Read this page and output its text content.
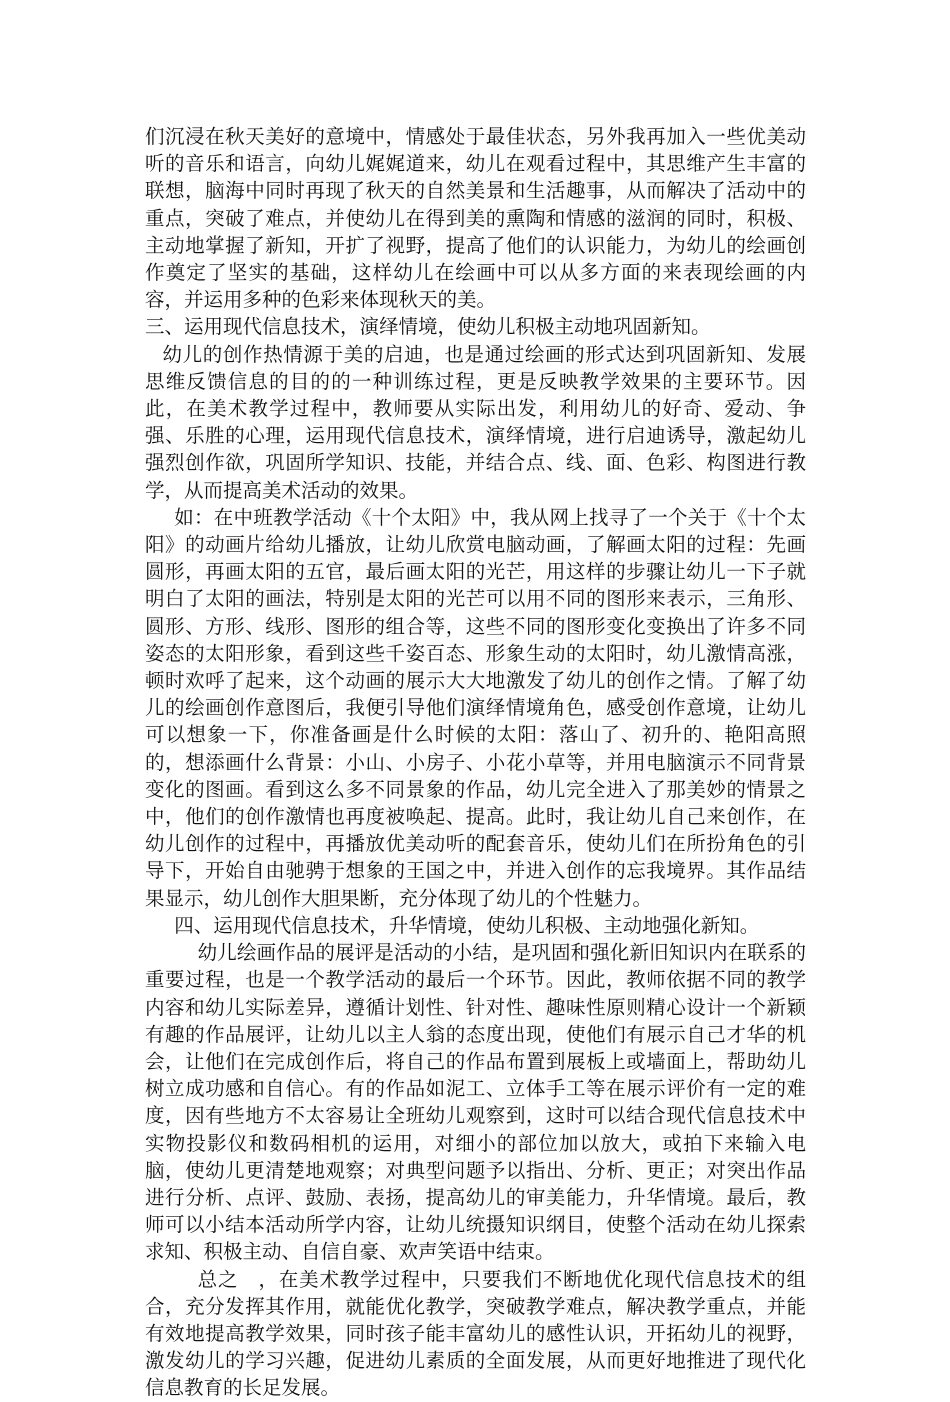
们沉浸在秋天美好的意境中，情感处于最佳状态，另外我再加入一些优美动听的音乐和语言，向幼儿娓娓道来，幼儿在观看过程中，其思维产生丰富的联想，脑海中同时再现了秋天的自然美景和生活趣事，从而解决了活动中的重点，突破了难点，并使幼儿在得到美的熏陶和情感的滋润的同时，积极、主动地掌握了新知，开扩了视野，提高了他们的认识能力，为幼儿的绘画创作奠定了坚实的基础，这样幼儿在绘画中可以从多方面的来表现绘画的内容，并运用多种的色彩来体现秋天的美。

三、运用现代信息技术，演绎情境，使幼儿积极主动地巩固新知。

幼儿的创作热情源于美的启迪，也是通过绘画的形式达到巩固新知、发展思维反馈信息的目的的一种训练过程，更是反映教学效果的主要环节。因此，在美术教学过程中，教师要从实际出发，利用幼儿的好奇、爱动、争强、乐胜的心理，运用现代信息技术，演绎情境，进行启迪诱导，激起幼儿强烈创作欲，巩固所学知识、技能，并结合点、线、面、色彩、构图进行教学，从而提高美术活动的效果。

如：在中班教学活动《十个太阳》中，我从网上找寻了一个关于《十个太阳》的动画片给幼儿播放，让幼儿欣赏电脑动画，了解画太阳的过程：先画圆形，再画太阳的五官，最后画太阳的光芒，用这样的步骤让幼儿一下子就明白了太阳的画法，特别是太阳的光芒可以用不同的图形来表示，三角形、圆形、方形、线形、图形的组合等，这些不同的图形变化变换出了许多不同姿态的太阳形象，看到这些千姿百态、形象生动的太阳时，幼儿激情高涨，顿时欢呼了起来，这个动画的展示大大地激发了幼儿的创作之情。了解了幼儿的绘画创作意图后，我便引导他们演绎情境角色，感受创作意境，让幼儿可以想象一下，你准备画是什么时候的太阳：落山了、初升的、艳阳高照的，想添画什么背景：小山、小房子、小花小草等，并用电脑演示不同背景变化的图画。看到这么多不同景象的作品，幼儿完全进入了那美妙的情景之中，他们的创作激情也再度被唤起、提高。此时，我让幼儿自己来创作，在幼儿创作的过程中，再播放优美动听的配套音乐，使幼儿们在所扮角色的引导下，开始自由驰骋于想象的王国之中，并进入创作的忘我境界。其作品结果显示，幼儿创作大胆果断，充分体现了幼儿的个性魅力。

四、运用现代信息技术，升华情境，使幼儿积极、主动地强化新知。

幼儿绘画作品的展评是活动的小结，是巩固和强化新旧知识内在联系的重要过程，也是一个教学活动的最后一个环节。因此，教师依据不同的教学内容和幼儿实际差异，遵循计划性、针对性、趣味性原则精心设计一个新颖有趣的作品展评，让幼儿以主人翁的态度出现，使他们有展示自己才华的机会，让他们在完成创作后，将自己的作品布置到展板上或墙面上，帮助幼儿树立成功感和自信心。有的作品如泥工、立体手工等在展示评价有一定的难度，因有些地方不太容易让全班幼儿观察到，这时可以结合现代信息技术中实物投影仪和数码相机的运用，对细小的部位加以放大，或拍下来输入电脑，使幼儿更清楚地观察；对典型问题予以指出、分析、更正；对突出作品进行分析、点评、鼓励、表扬，提高幼儿的审美能力，升华情境。最后，教师可以小结本活动所学内容，让幼儿统摄知识纲目，使整个活动在幼儿探索求知、积极主动、自信自豪、欢声笑语中结束。

总之　，在美术教学过程中，只要我们不断地优化现代信息技术的组合，充分发挥其作用，就能优化教学，突破教学难点，解决教学重点，并能有效地提高教学效果，同时孩子能丰富幼儿的感性认识，开拓幼儿的视野，激发幼儿的学习兴趣，促进幼儿素质的全面发展，从而更好地推进了现代化信息教育的长足发展。
